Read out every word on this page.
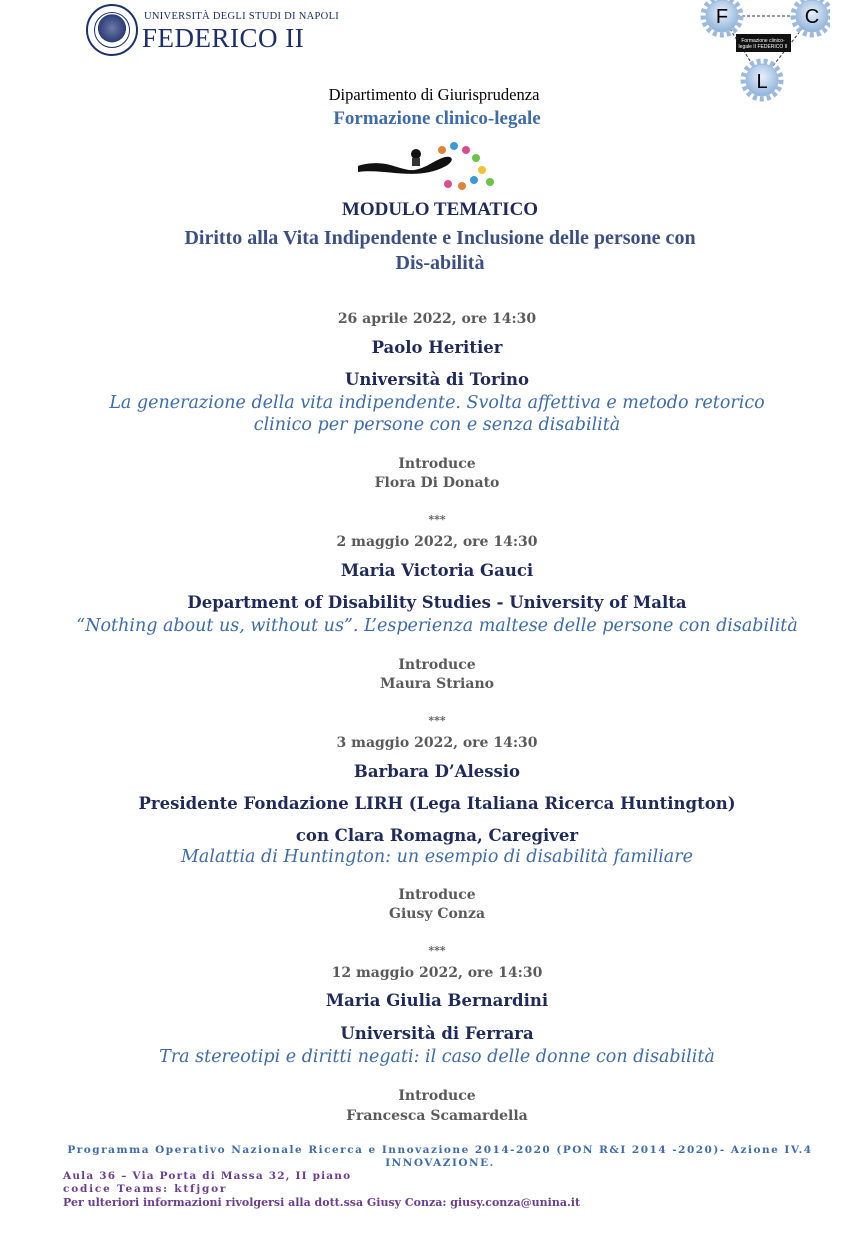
UNIVERSITÀ DEGLI STUDI DI NAPOLI
FEDERICO II
F	C
L
Formazione clinico-
legale II FEDERICO II
Dipartimento di Giurisprudenza
Formazione clinico-legale
MODULO TEMATICO
Diritto alla Vita Indipendente e Inclusione delle persone con
Dis-abilità
26 aprile 2022, ore 14:30
Paolo Heritier
Università di Torino
La generazione della vita indipendente. Svolta affettiva e metodo retorico
clinico per persone con e senza disabilità
Introduce
Flora Di Donato
***
2 maggio 2022, ore 14:30
Maria Victoria Gauci
Department of Disability Studies - University of Malta
“Nothing about us, without us”. L’esperienza maltese delle persone con disabilità
Introduce
Maura Striano
***
3 maggio 2022, ore 14:30
Barbara D’Alessio
Presidente Fondazione LIRH (Lega Italiana Ricerca Huntington)
con Clara Romagna, Caregiver
Malattia di Huntington: un esempio di disabilità familiare
Introduce
Giusy Conza
***
12 maggio 2022, ore 14:30
Maria Giulia Bernardini
Università di Ferrara
Tra stereotipi e diritti negati: il caso delle donne con disabilità
Introduce
Francesca Scamardella
Programma Operativo Nazionale Ricerca e Innovazione 2014-2020 (PON R&I 2014 -2020)- Azione IV.4
INNOVAZIONE.
Aula 36 – Via Porta di Massa 32, II piano
codice Teams: ktfjgor
Per ulteriori informazioni rivolgersi alla dott.ssa Giusy Conza: giusy.conza@unina.it
